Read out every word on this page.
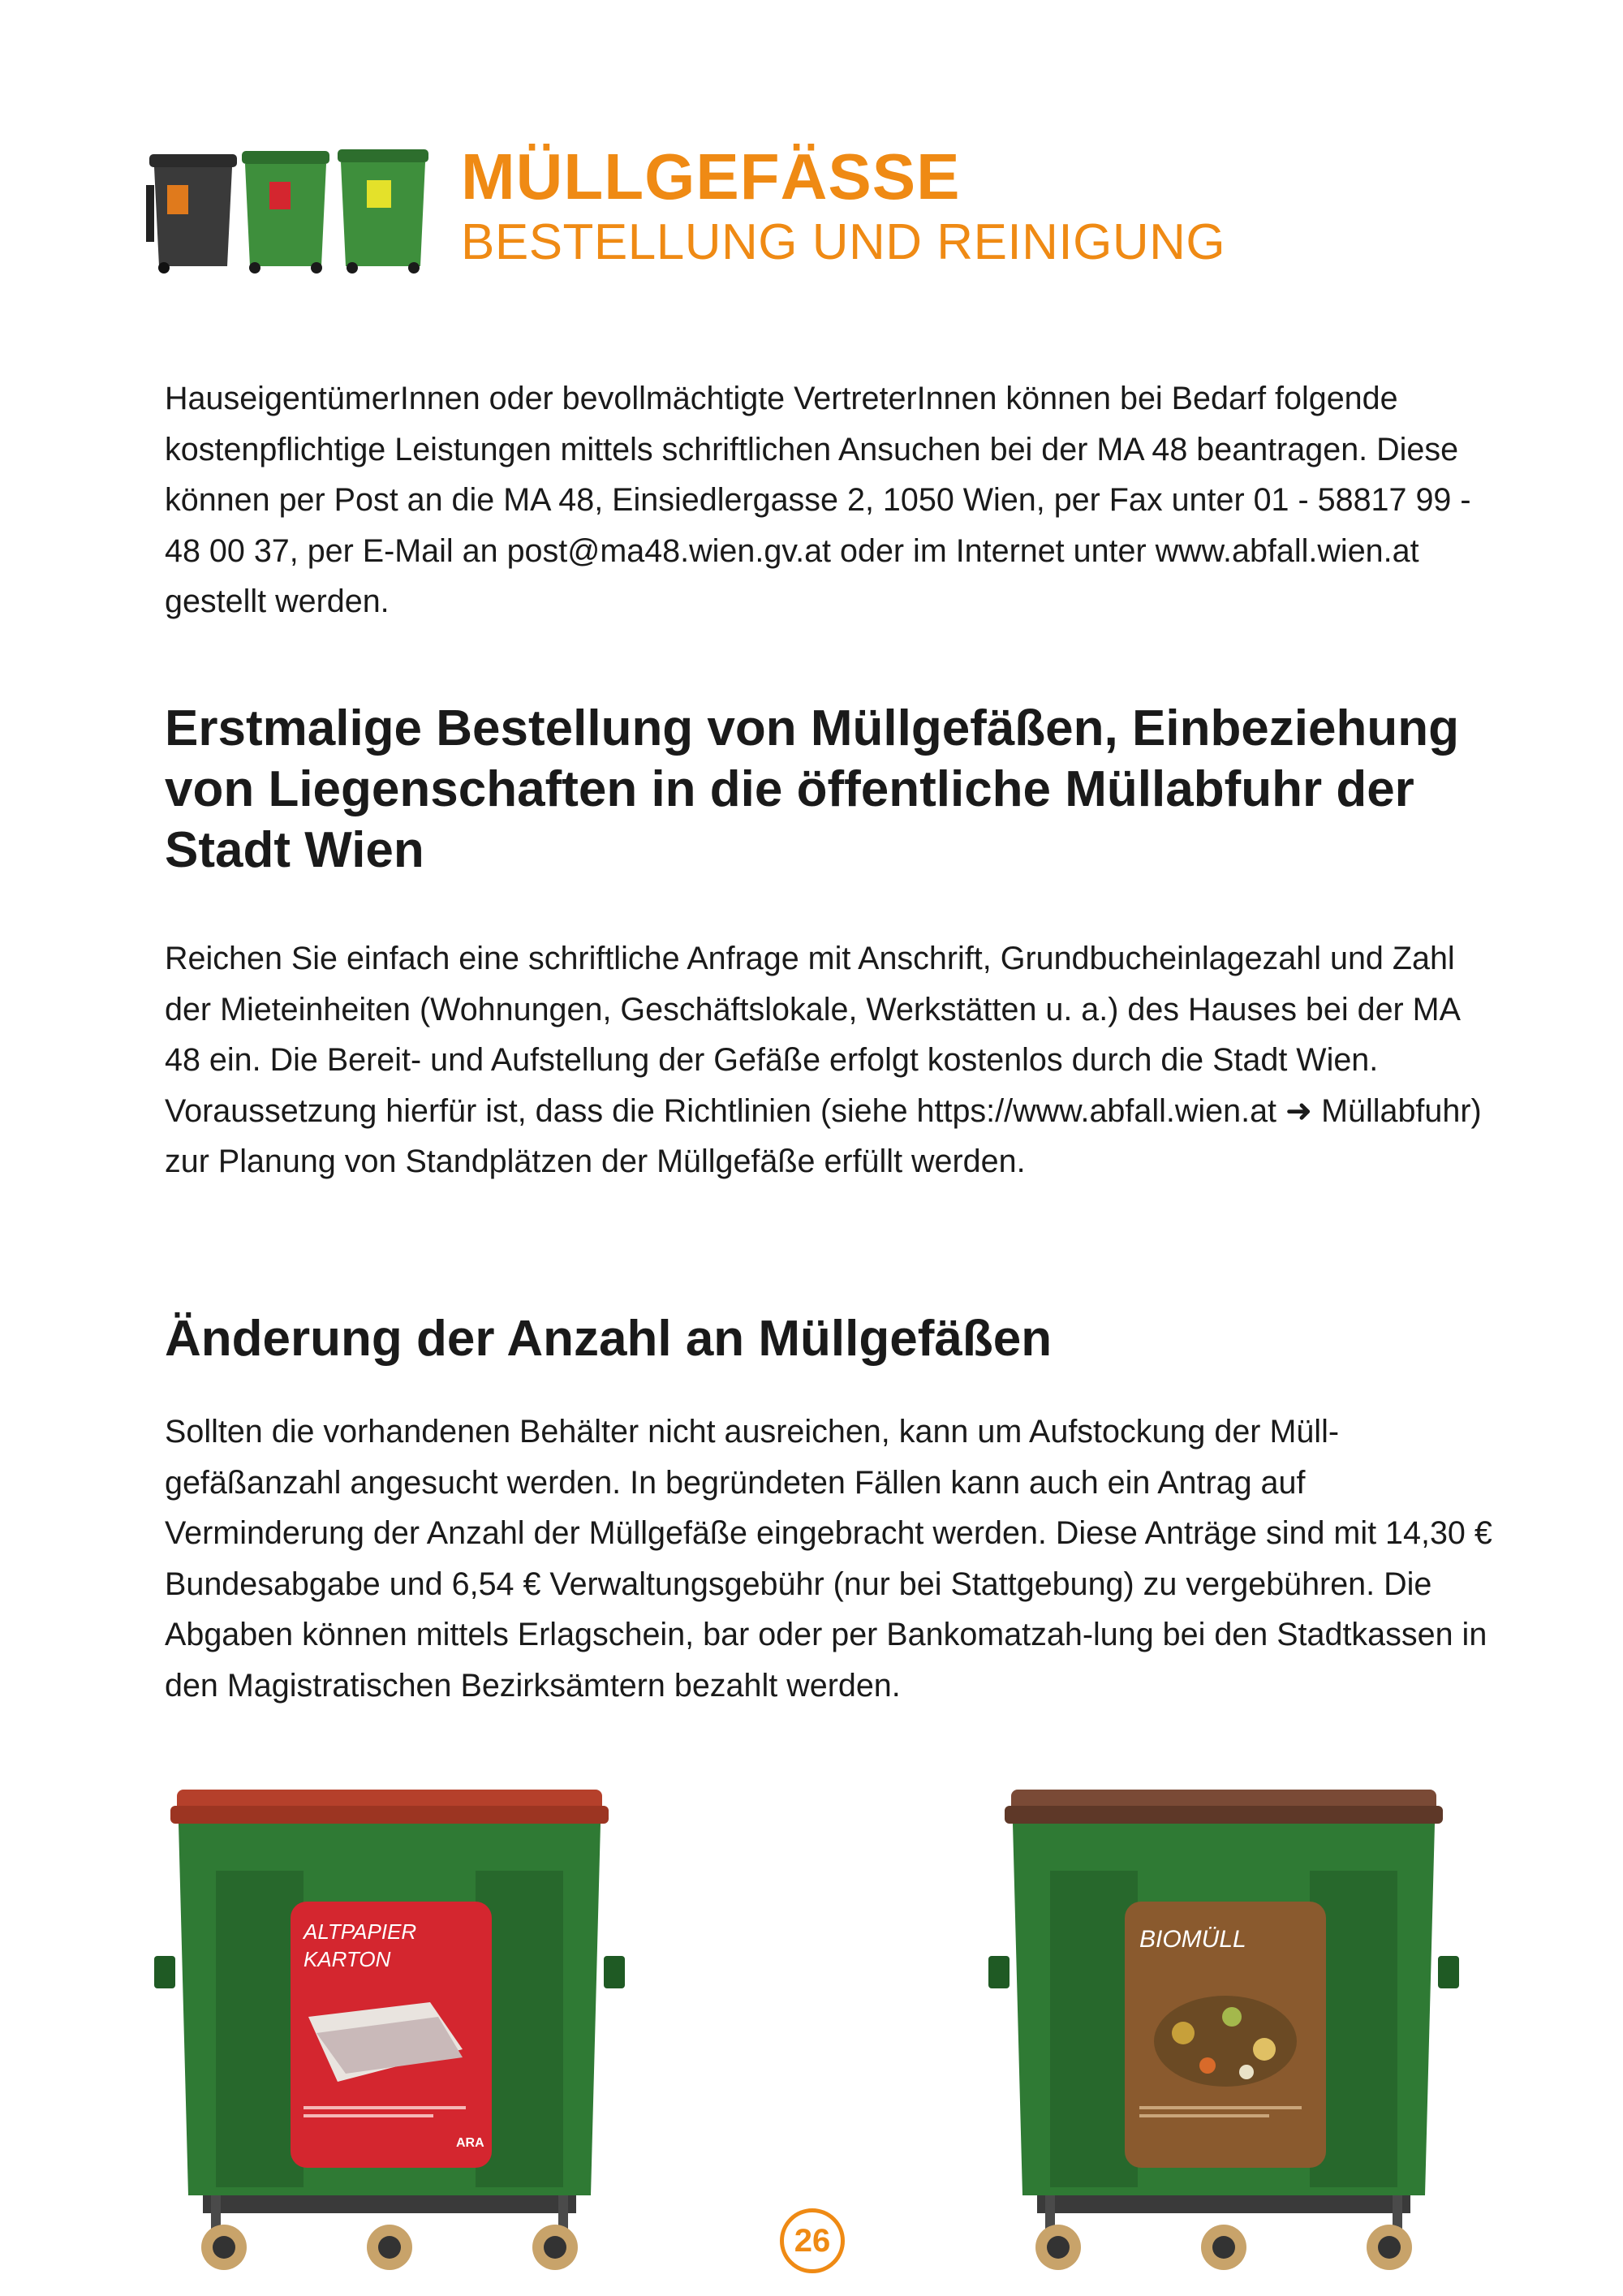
MÜLLGEFÄSSE
BESTELLUNG UND REINIGUNG

HauseigentümerInnen oder bevollmächtigte VertreterInnen können bei Bedarf folgende kostenpflichtige Leistungen mittels schriftlichen Ansuchen bei der MA 48 beantragen. Diese können per Post an die MA 48, Einsiedlergasse 2, 1050 Wien, per Fax unter 01 - 58817 99 - 48 00 37, per E-Mail an post@ma48.wien.gv.at oder im Internet unter www.abfall.wien.at gestellt werden.

Erstmalige Bestellung von Müllgefäßen, Einbeziehung von Liegenschaften in die öffentliche Müllabfuhr der Stadt Wien

Reichen Sie einfach eine schriftliche Anfrage mit Anschrift, Grundbucheinlagezahl und Zahl der Mieteinheiten (Wohnungen, Geschäftslokale, Werkstätten u. a.) des Hauses bei der MA 48 ein. Die Bereit- und Aufstellung der Gefäße erfolgt kostenlos durch die Stadt Wien. Voraussetzung hierfür ist, dass die Richtlinien (siehe https://www.abfall.wien.at ➜ Müllabfuhr) zur Planung von Standplätzen der Müllgefäße erfüllt werden.

Änderung der Anzahl an Müllgefäßen

Sollten die vorhandenen Behälter nicht ausreichen, kann um Aufstockung der Müll-gefäßanzahl angesucht werden. In begründeten Fällen kann auch ein Antrag auf Verminderung der Anzahl der Müllgefäße eingebracht werden. Diese Anträge sind mit 14,30 € Bundesabgabe und 6,54 € Verwaltungsgebühr (nur bei Stattgebung) zu vergebühren. Die Abgaben können mittels Erlagschein, bar oder per Bankomatzah-lung bei den Stadtkassen in den Magistratischen Bezirksämtern bezahlt werden.

ALTPAPIER
KARTON
ARA
BIOMÜLL
26
